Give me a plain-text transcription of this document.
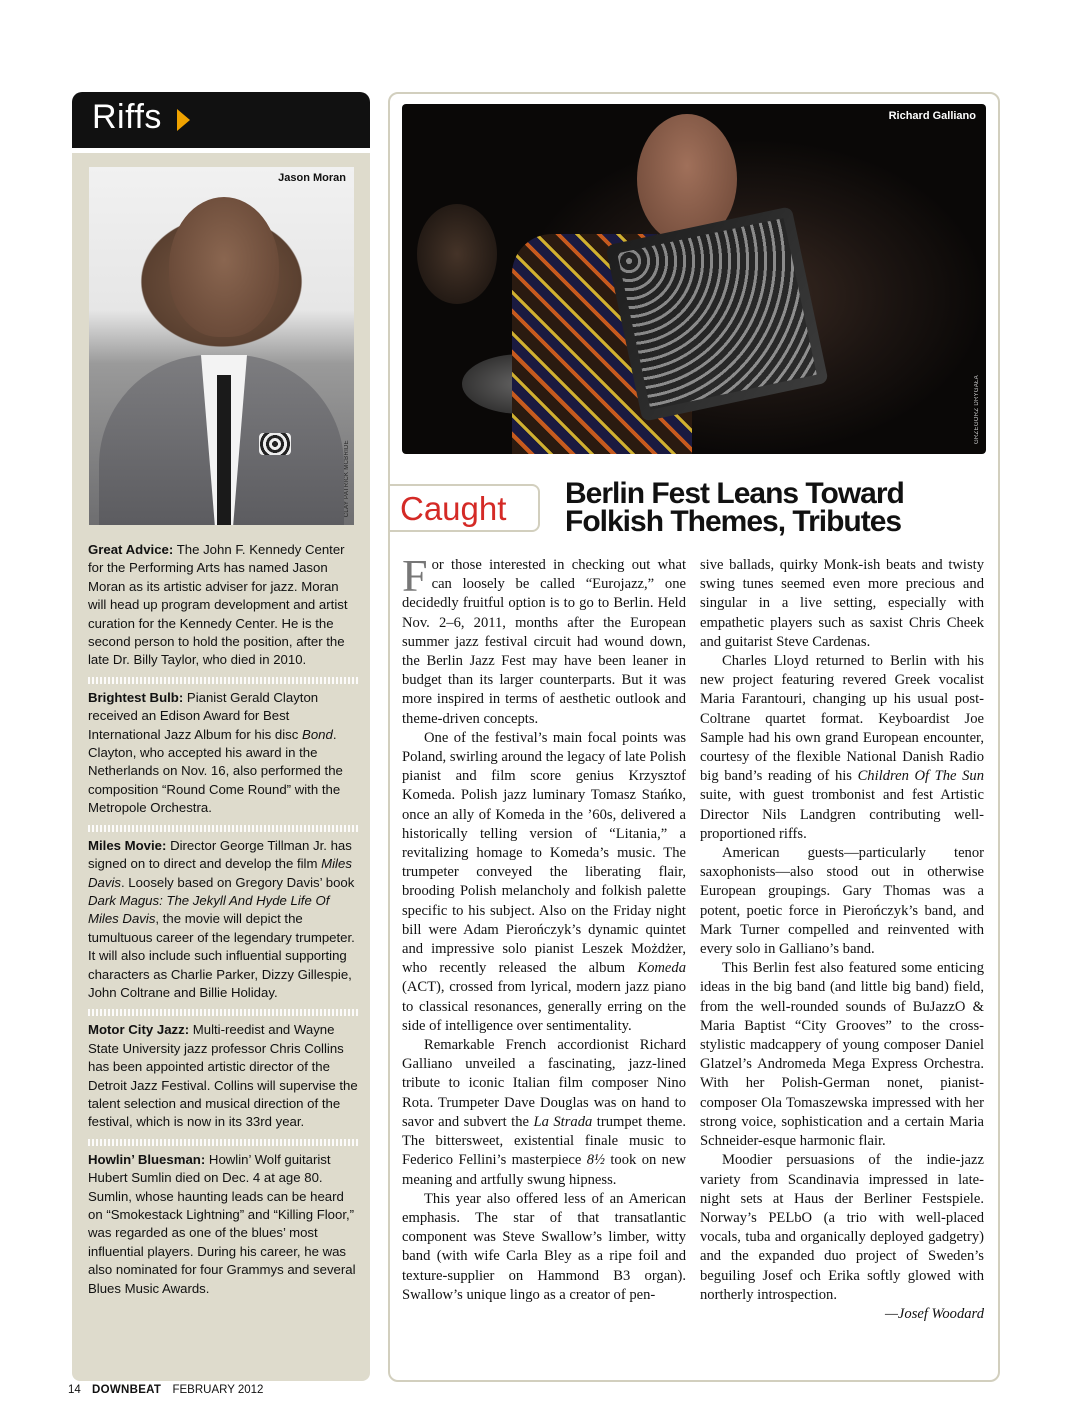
Riffs
Jason Moran
CLAY PATRICK MCBRIDE
Great Advice: The John F. Kennedy Center for the Performing Arts has named Jason Moran as its artistic adviser for jazz. Moran will head up program development and artist curation for the Kennedy Center. He is the second person to hold the position, after the late Dr. Billy Taylor, who died in 2010.
Brightest Bulb: Pianist Gerald Clayton received an Edison Award for Best International Jazz Album for his disc Bond. Clayton, who accepted his award in the Netherlands on Nov. 16, also performed the composition “Round Come Round” with the Metropole Orchestra.
Miles Movie: Director George Tillman Jr. has signed on to direct and develop the film Miles Davis. Loosely based on Gregory Davis’ book Dark Magus: The Jekyll And Hyde Life Of Miles Davis, the movie will depict the tumultuous career of the legendary trumpeter. It will also include such influential supporting characters as Charlie Parker, Dizzy Gillespie, John Coltrane and Billie Holiday.
Motor City Jazz: Multi-reedist and Wayne State University jazz professor Chris Collins has been appointed artistic director of the Detroit Jazz Festival. Collins will supervise the talent selection and musical direction of the festival, which is now in its 33rd year.
Howlin’ Bluesman: Howlin’ Wolf guitarist Hubert Sumlin died on Dec. 4 at age 80. Sumlin, whose haunting leads can be heard on “Smokestack Lightning” and “Killing Floor,” was regarded as one of the blues’ most influential players. During his career, he was also nominated for four Grammys and several Blues Music Awards.
Richard Galliano
GRZEGORZ DRYGAŁA
Caught Berlin Fest Leans Toward Folkish Themes, Tributes

For those interested in checking out what can loosely be called “Eurojazz,” one decidedly fruitful option is to go to Berlin. Held Nov. 2–6, 2011, months after the European summer jazz festival circuit had wound down, the Berlin Jazz Fest may have been leaner in budget than its larger counterparts. But it was more inspired in terms of aesthetic outlook and theme-driven concepts.

One of the festival’s main focal points was Poland, swirling around the legacy of late Polish pianist and film score genius Krzysztof Komeda. Polish jazz luminary Tomasz Stańko, once an ally of Komeda in the ’60s, delivered a historically telling version of “Litania,” a revitalizing homage to Komeda’s music. The trumpeter conveyed the liberating flair, brooding Polish melancholy and folkish palette specific to his subject. Also on the Friday night bill were Adam Pierończyk’s dynamic quintet and impressive solo pianist Leszek Możdżer, who recently released the album Komeda (ACT), crossed from lyrical, modern jazz piano to classical resonances, generally erring on the side of intelligence over sentimentality.

Remarkable French accordionist Richard Galliano unveiled a fascinating, jazz-lined tribute to iconic Italian film composer Nino Rota. Trumpeter Dave Douglas was on hand to savor and subvert the La Strada trumpet theme. The bittersweet, existential finale music to Federico Fellini’s masterpiece 8½ took on new meaning and artfully swung hipness.

This year also offered less of an American emphasis. The star of that transatlantic component was Steve Swallow’s limber, witty band (with wife Carla Bley as a ripe foil and texture-supplier on Hammond B3 organ). Swallow’s unique lingo as a creator of pen-

sive ballads, quirky Monk-ish beats and twisty swing tunes seemed even more precious and singular in a live setting, especially with empathetic players such as saxist Chris Cheek and guitarist Steve Cardenas.

Charles Lloyd returned to Berlin with his new project featuring revered Greek vocalist Maria Farantouri, changing up his usual post-Coltrane quartet format. Keyboardist Joe Sample had his own grand European encounter, courtesy of the flexible National Danish Radio big band’s reading of his Children Of The Sun suite, with guest trombonist and fest Artistic Director Nils Landgren contributing well-proportioned riffs.

American guests—particularly tenor saxophonists—also stood out in otherwise European groupings. Gary Thomas was a potent, poetic force in Pierończyk’s band, and Mark Turner compelled and reinvented with every solo in Galliano’s band.

This Berlin fest also featured some enticing ideas in the big band (and little big band) field, from the well-rounded sounds of BuJazzO & Maria Baptist “City Grooves” to the cross-stylistic madcappery of young composer Daniel Glatzel’s Andromeda Mega Express Orchestra. With her Polish-German nonet, pianist-composer Ola Tomaszewska impressed with her strong voice, sophistication and a certain Maria Schneider-esque harmonic flair.

Moodier persuasions of the indie-jazz variety from Scandinavia impressed in late-night sets at Haus der Berliner Festspiele. Norway’s PELbO (a trio with well-placed vocals, tuba and organically deployed gadgetry) and the expanded duo project of Sweden’s beguiling Josef och Erika softly glowed with northerly introspection.

—Josef Woodard

14 DOWNBEAT FEBRUARY 2012
